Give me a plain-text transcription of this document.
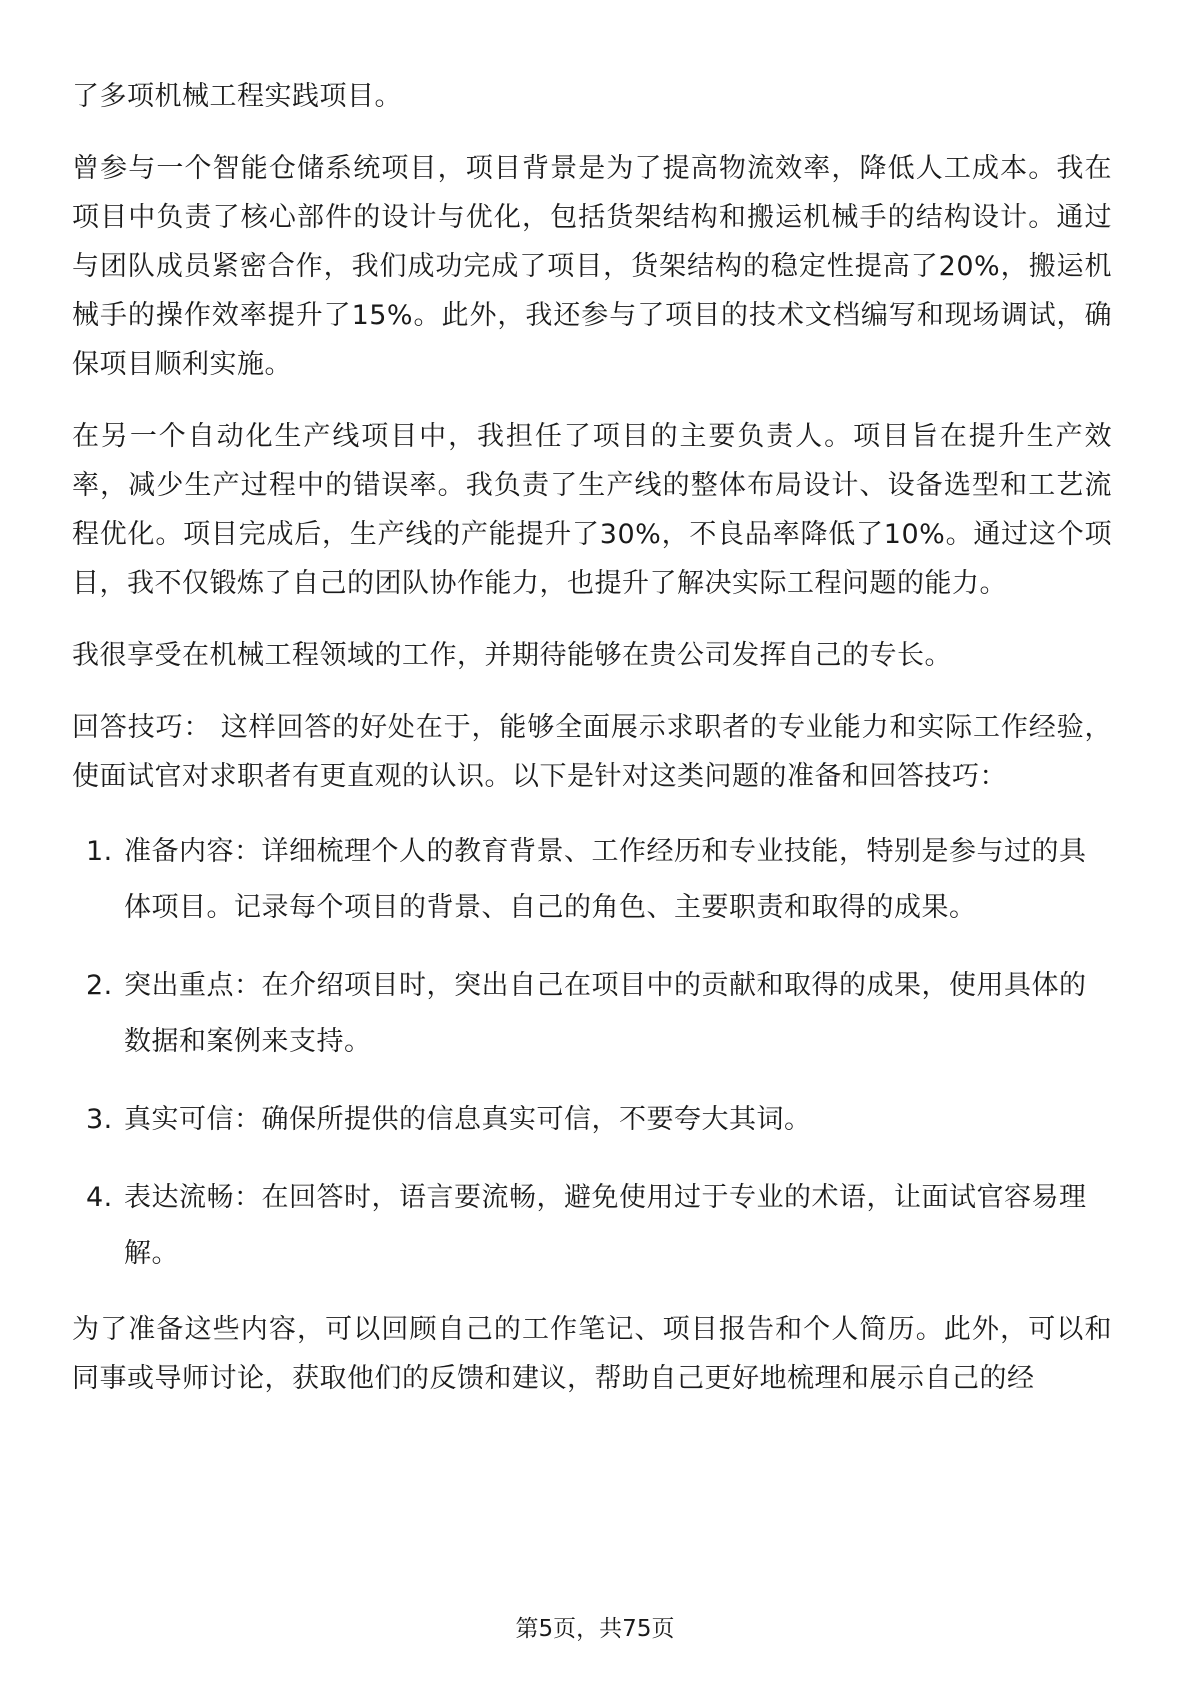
了多项机械工程实践项目。

曾参与一个智能仓储系统项目，项目背景是为了提高物流效率，降低人工成本。我在项目中负责了核心部件的设计与优化，包括货架结构和搬运机械手的结构设计。通过与团队成员紧密合作，我们成功完成了项目，货架结构的稳定性提高了20%，搬运机械手的操作效率提升了15%。此外，我还参与了项目的技术文档编写和现场调试，确保项目顺利实施。

在另一个自动化生产线项目中，我担任了项目的主要负责人。项目旨在提升生产效率，减少生产过程中的错误率。我负责了生产线的整体布局设计、设备选型和工艺流程优化。项目完成后，生产线的产能提升了30%，不良品率降低了10%。通过这个项目，我不仅锻炼了自己的团队协作能力，也提升了解决实际工程问题的能力。

我很享受在机械工程领域的工作，并期待能够在贵公司发挥自己的专长。

回答技巧： 这样回答的好处在于，能够全面展示求职者的专业能力和实际工作经验，使面试官对求职者有更直观的认识。以下是针对这类问题的准备和回答技巧：

1. 准备内容：详细梳理个人的教育背景、工作经历和专业技能，特别是参与过的具体项目。记录每个项目的背景、自己的角色、主要职责和取得的成果。
2. 突出重点：在介绍项目时，突出自己在项目中的贡献和取得的成果，使用具体的数据和案例来支持。
3. 真实可信：确保所提供的信息真实可信，不要夸大其词。
4. 表达流畅：在回答时，语言要流畅，避免使用过于专业的术语，让面试官容易理解。

为了准备这些内容，可以回顾自己的工作笔记、项目报告和个人简历。此外，可以和同事或导师讨论，获取他们的反馈和建议，帮助自己更好地梳理和展示自己的经

第5页，共75页
